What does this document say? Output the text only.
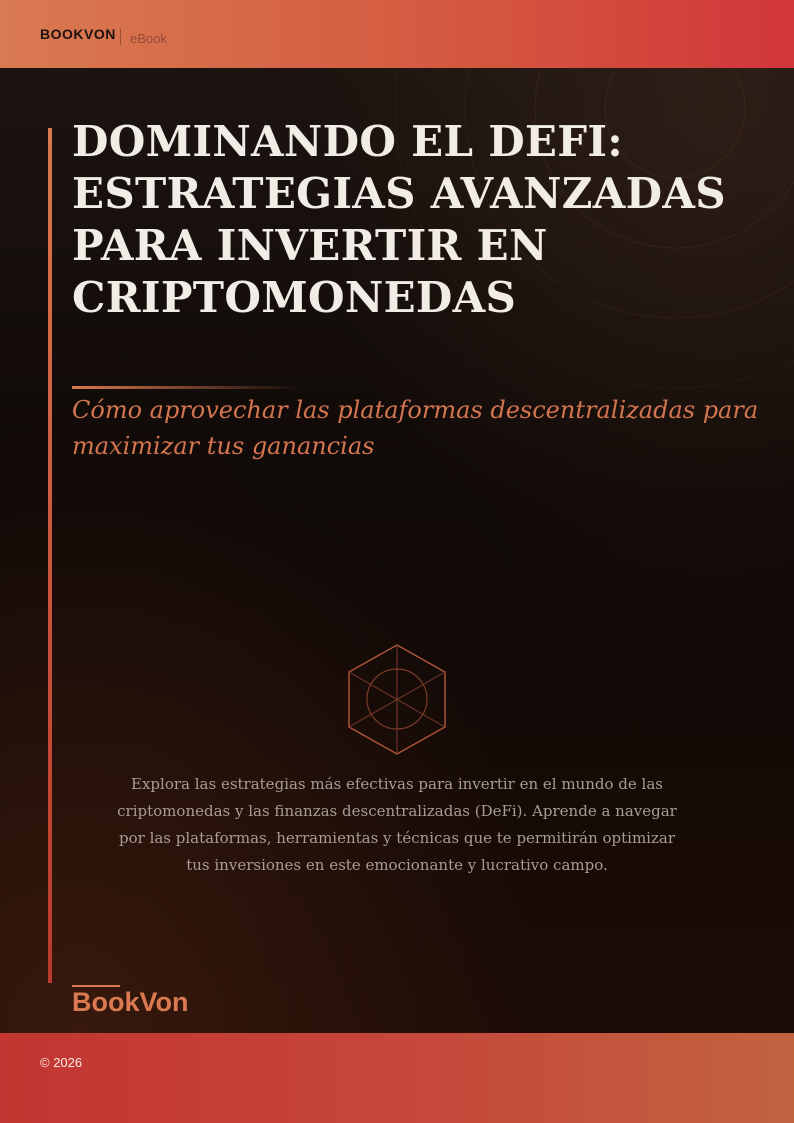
BOOKVON eBook
DOMINANDO EL DEFI: ESTRATEGIAS AVANZADAS PARA INVERTIR EN CRIPTOMONEDAS

Cómo aprovechar las plataformas descentralizadas para maximizar tus ganancias

Explora las estrategias más efectivas para invertir en el mundo de las criptomonedas y las finanzas descentralizadas (DeFi). Aprende a navegar por las plataformas, herramientas y técnicas que te permitirán optimizar tus inversiones en este emocionante y lucrativo campo.

BookVon
© 2026
